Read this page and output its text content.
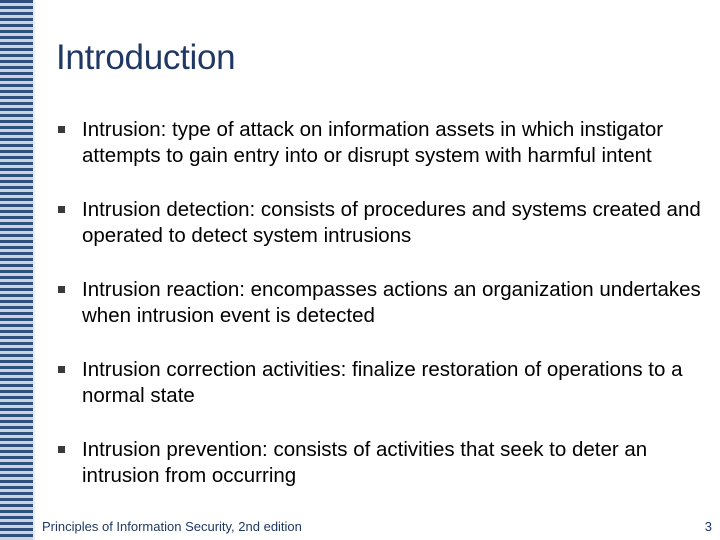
Introduction
Intrusion: type of attack on information assets in which instigator attempts to gain entry into or disrupt system with harmful intent
Intrusion detection: consists of procedures and systems created and operated to detect system intrusions
Intrusion reaction: encompasses actions an organization undertakes when intrusion event is detected
Intrusion correction activities: finalize restoration of operations to a normal state
Intrusion prevention: consists of activities that seek to deter an intrusion from occurring
Principles of Information Security, 2nd edition	3
